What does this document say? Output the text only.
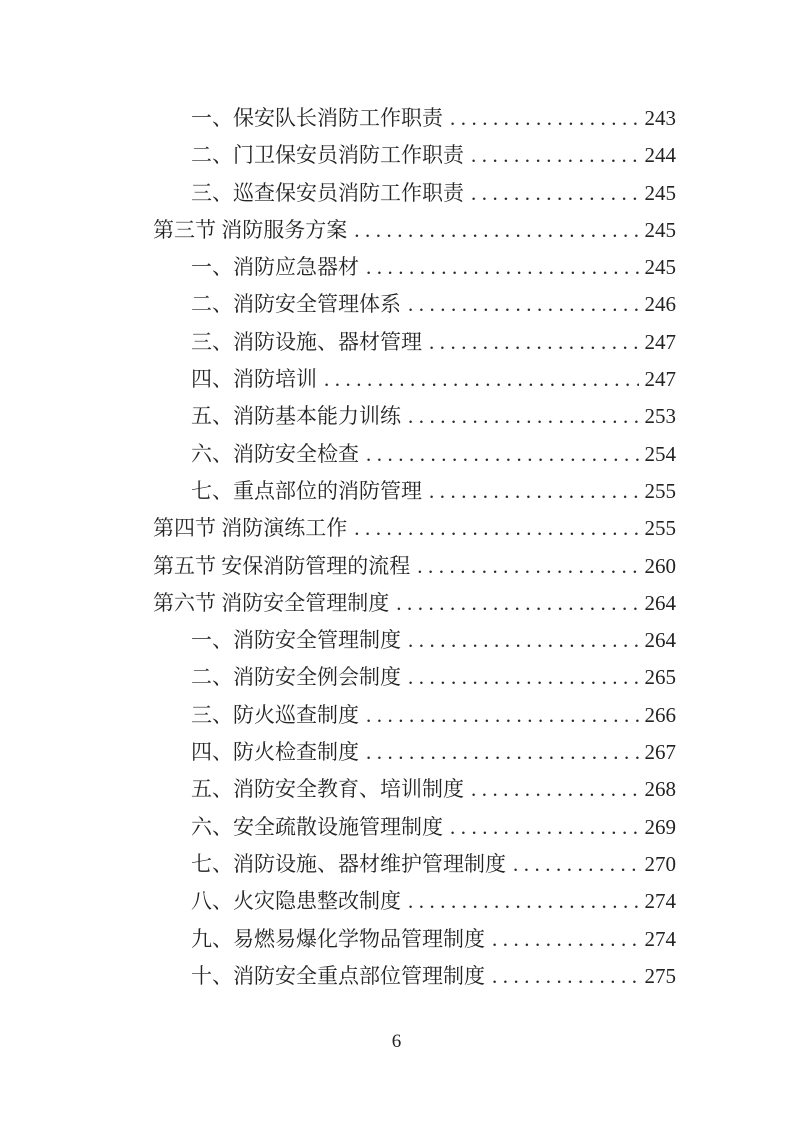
一、保安队长消防工作职责 .....	243
二、门卫保安员消防工作职责 .....	244
三、巡查保安员消防工作职责 .....	245
第三节 消防服务方案 .....	245
一、消防应急器材 .....	245
二、消防安全管理体系 .....	246
三、消防设施、器材管理 .....	247
四、消防培训 .....	247
五、消防基本能力训练 .....	253
六、消防安全检查 .....	254
七、重点部位的消防管理 .....	255
第四节 消防演练工作 .....	255
第五节 安保消防管理的流程 .....	260
第六节 消防安全管理制度 .....	264
一、消防安全管理制度 .....	264
二、消防安全例会制度 .....	265
三、防火巡查制度 .....	266
四、防火检查制度 .....	267
五、消防安全教育、培训制度 .....	268
六、安全疏散设施管理制度 .....	269
七、消防设施、器材维护管理制度 .....	270
八、火灾隐患整改制度 .....	274
九、易燃易爆化学物品管理制度 .....	274
十、消防安全重点部位管理制度 .....	275
6
